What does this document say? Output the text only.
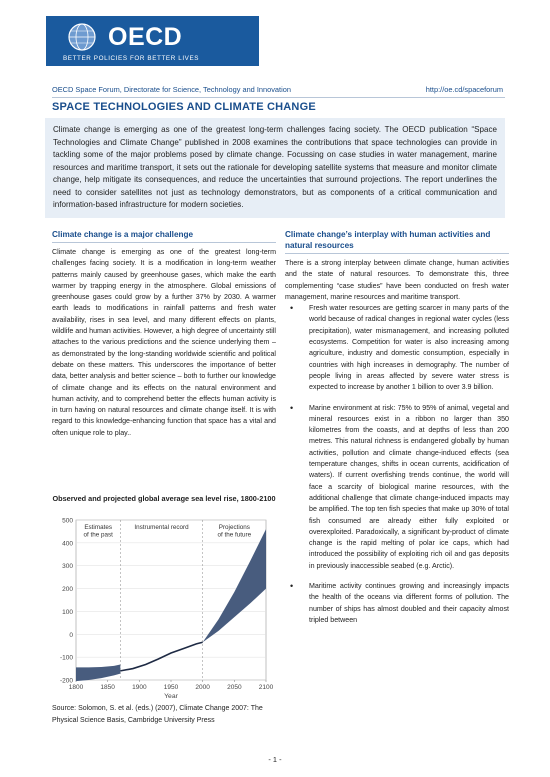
OECD
BETTER POLICIES FOR BETTER LIVES
OECD Space Forum, Directorate for Science, Technology and Innovation	http://oe.cd/spaceforum
SPACE TECHNOLOGIES AND CLIMATE CHANGE
Climate change is emerging as one of the greatest long-term challenges facing society. The OECD publication “Space Technologies and Climate Change” published in 2008 examines the contributions that space technologies can provide in tackling some of the major problems posed by climate change. Focussing on case studies in water management, marine resources and maritime transport, it sets out the rationale for developing satellite systems that measure and monitor climate change, help mitigate its consequences, and reduce the uncertainties that surround projections. The report underlines the need to consider satellites not just as technology demonstrators, but as components of a critical communication and information-based infrastructure for modern societies.
Climate change is a major challenge

Climate change is emerging as one of the greatest long-term challenges facing society. It is a modification in long-term weather patterns mainly caused by greenhouse gases, which make the earth warmer by trapping energy in the atmosphere. Global emissions of greenhouse gases could grow by a further 37% by 2030. A warmer earth leads to modifications in rainfall patterns and fresh water availability, rises in sea level, and many different effects on plants, wildlife and human activities. However, a high degree of uncertainty still attaches to the various predictions and the science underlying them – as demonstrated by the long-standing worldwide scientific and political debate on these matters. This underscores the importance of better data, better analysis and better science – both to further our knowledge of climate change and its effects on the natural environment and human activity, and to comprehend better the effects human activity is in turn having on natural resources and climate change itself. It is with regard to this knowledge-enhancing function that space has a vital and often unique role to play..

Observed and projected global average sea level rise, 1800-2100
-200
-100
0
100
200
300
400
500
1800	1850	1900	1950	2000	2050	2100
Estimates of the past
Instrumental record	Projections of the future
Year
Source: Solomon, S. et al. (eds.) (2007), Climate Change 2007: The Physical Science Basis, Cambridge University Press
Climate change’s interplay with human activities and natural resources

There is a strong interplay between climate change, human activities and the state of natural resources. To demonstrate this, three complementing “case studies” have been conducted on fresh water management, marine resources and maritime transport.

• Fresh water resources are getting scarcer in many parts of the world because of radical changes in regional water cycles (less precipitation), water mismanagement, and increasing polluted ecosystems. Competition for water is also increasing among agriculture, industry and domestic consumption, especially in countries with high increases in demography. The number of people living in areas affected by severe water stress is expected to increase by another 1 billion to over 3.9 billion.
• Marine environment at risk: 75% to 95% of animal, vegetal and mineral resources exist in a ribbon no larger than 350 kilometres from the coasts, and at depths of less than 200 metres. This natural richness is endangered globally by human activities, pollution and climate change-induced effects (sea temperature changes, shifts in ocean currents, acidification of waters). If current overfishing trends continue, the world will face a scarcity of biological marine resources, with the additional challenge that climate change-induced impacts may be amplified. The top ten fish species that make up 30% of total fish consumed are already either fully exploited or overexploited. Paradoxically, a significant by-product of climate change is the rapid melting of polar ice caps, which had introduced the possibility of exploiting rich oil and gas deposits in previously inaccessible seabed (e.g. Arctic).
• Maritime activity continues growing and increasingly impacts the health of the oceans via different forms of pollution. The number of ships has almost doubled and their capacity almost tripled between
- 1 -
